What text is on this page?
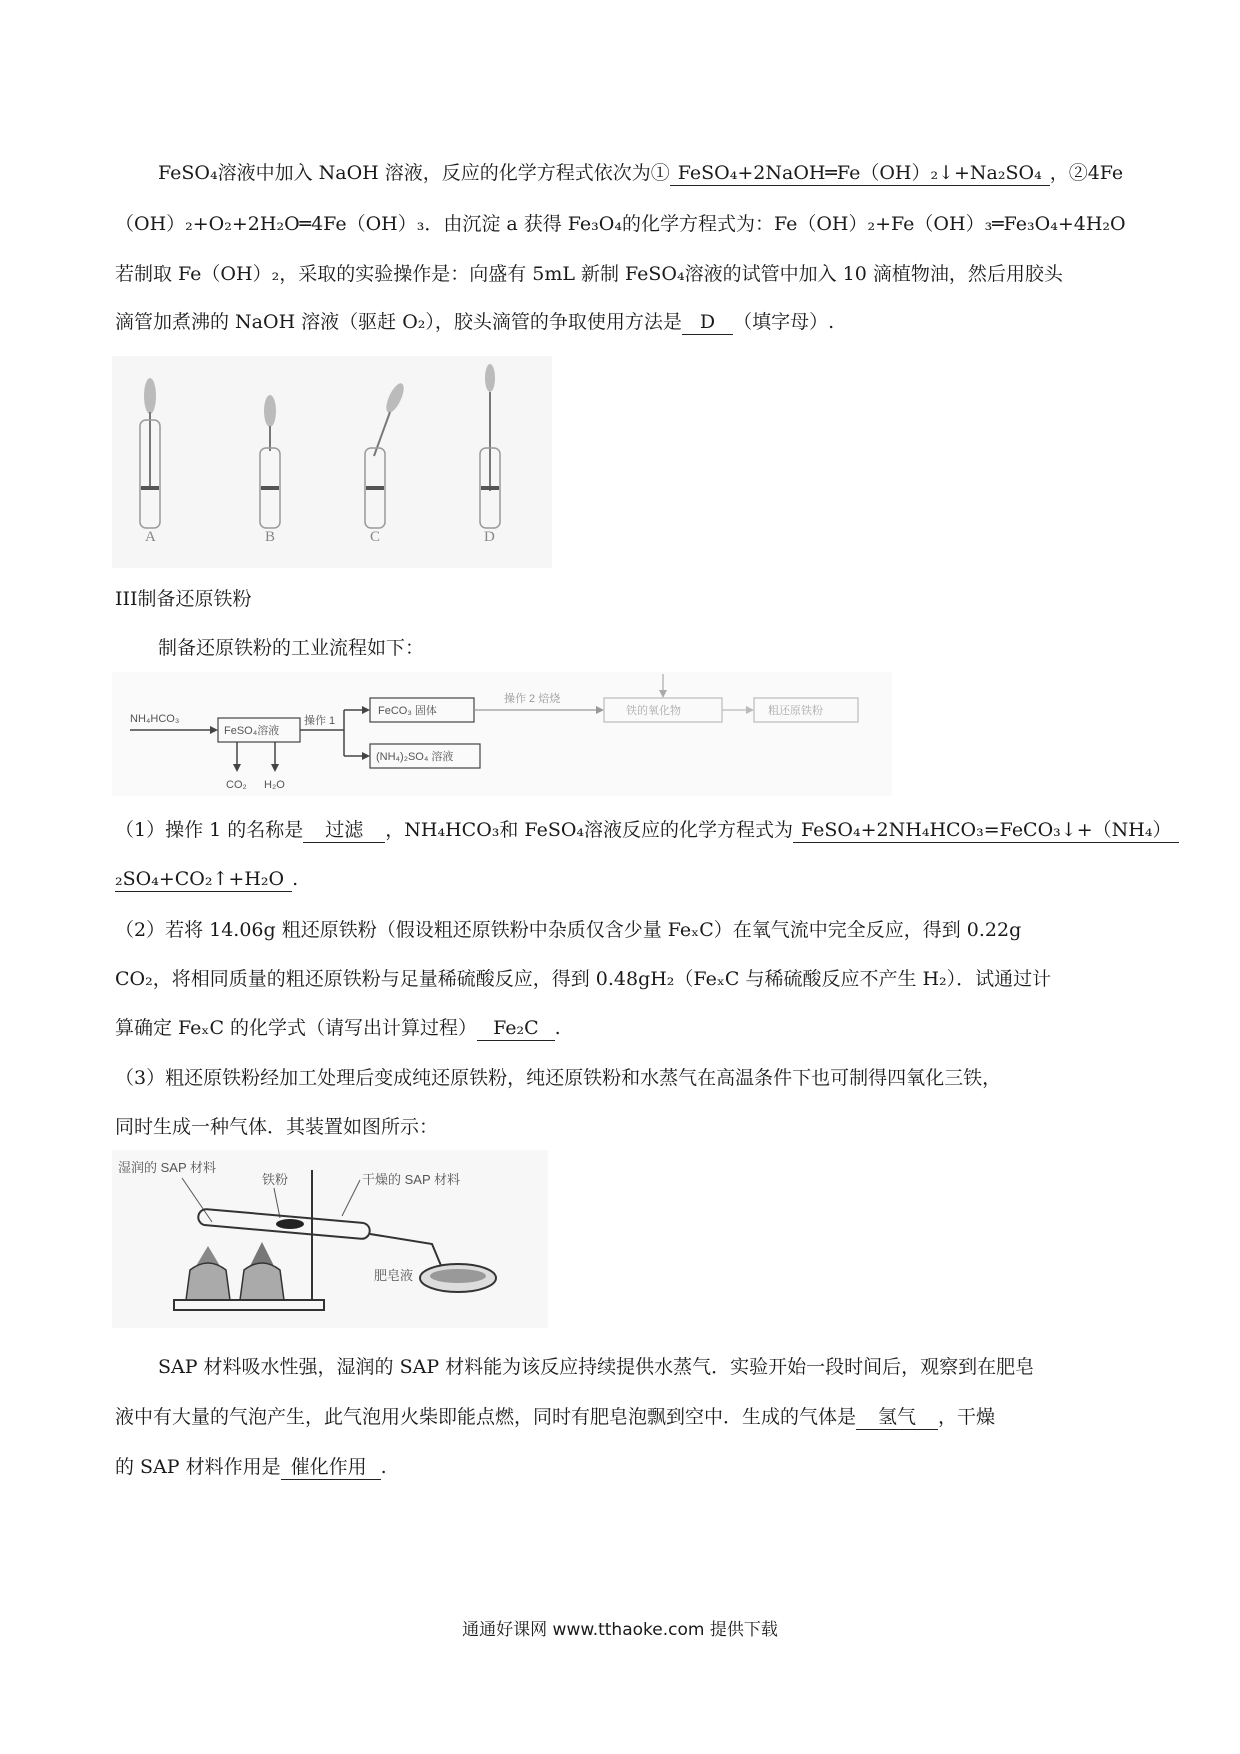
FeSO₄溶液中加入 NaOH 溶液，反应的化学方程式依次为① FeSO₄+2NaOH═Fe（OH）₂↓+Na₂SO₄ ，②4Fe
（OH）₂+O₂+2H₂O═4Fe（OH）₃．由沉淀 a 获得 Fe₃O₄的化学方程式为：Fe（OH）₂+Fe（OH）₃═Fe₃O₄+4H₂O
若制取 Fe（OH）₂，采取的实验操作是：向盛有 5mL 新制 FeSO₄溶液的试管中加入 10 滴植物油，然后用胶头
滴管加煮沸的 NaOH 溶液（驱赶 O₂），胶头滴管的争取使用方法是 D （填字母）.
A	B	C	D
III制备还原铁粉
制备还原铁粉的工业流程如下：
NH₄HCO₃
FeSO₄溶液
操作 1
FeCO₃ 固体
(NH₄)₂SO₄ 溶液
操作 2 焙烧
铁的氧化物	粗还原铁粉
CO₂ H₂O
（1）操作 1 的名称是 过滤 ，NH₄HCO₃和 FeSO₄溶液反应的化学方程式为 FeSO₄+2NH₄HCO₃=FeCO₃↓+（NH₄）
₂SO₄+CO₂↑+H₂O .
（2）若将 14.06g 粗还原铁粉（假设粗还原铁粉中杂质仅含少量 FeₓC）在氧气流中完全反应，得到 0.22g
CO₂，将相同质量的粗还原铁粉与足量稀硫酸反应，得到 0.48gH₂（FeₓC 与稀硫酸反应不产生 H₂）．试通过计
算确定 FeₓC 的化学式（请写出计算过程） Fe₂C .
（3）粗还原铁粉经加工处理后变成纯还原铁粉，纯还原铁粉和水蒸气在高温条件下也可制得四氧化三铁，
同时生成一种气体．其装置如图所示：
湿润的 SAP 材料
铁粉	干燥的 SAP 材料
肥皂液
SAP 材料吸水性强，湿润的 SAP 材料能为该反应持续提供水蒸气．实验开始一段时间后，观察到在肥皂
液中有大量的气泡产生，此气泡用火柴即能点燃，同时有肥皂泡飘到空中．生成的气体是 氢气 ，干燥
的 SAP 材料作用是 催化作用 .
通通好课网 www.tthaoke.com 提供下载
